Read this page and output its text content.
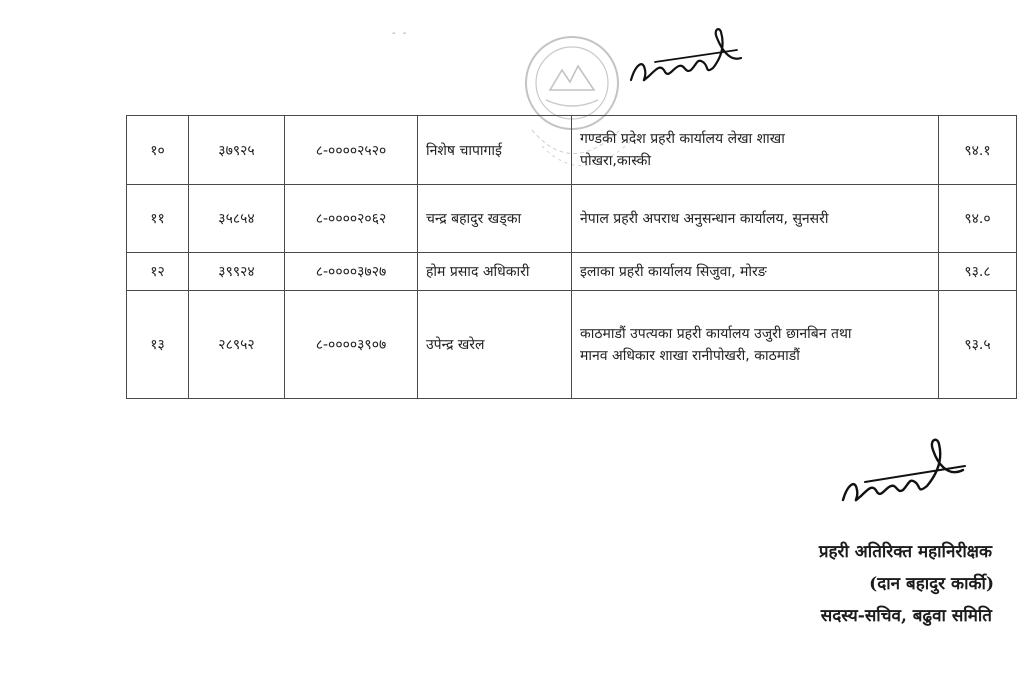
- -
१०	३७९२५	८-००००२५२०	निशेष चापागाई	गण्डकी प्रदेश प्रहरी कार्यालय लेखा शाखा
पोखरा,कास्की	९४.१
११	३५८५४	८-००००२०६२	चन्द्र बहादुर खड्का	नेपाल प्रहरी अपराध अनुसन्धान कार्यालय, सुनसरी	९४.०
१२	३९९२४	८-००००३७२७	होम प्रसाद अधिकारी	इलाका प्रहरी कार्यालय सिजुवा, मोरङ	९३.८
१३	२८९५२	८-००००३९०७	उपेन्द्र खरेल	काठमाडौं उपत्यका प्रहरी कार्यालय उजुरी छानबिन तथा
मानव अधिकार शाखा रानीपोखरी, काठमाडौं	९३.५
प्रहरी अतिरिक्त महानिरीक्षक
(दान बहादुर कार्की)
सदस्य-सचिव, बढुवा समिति
